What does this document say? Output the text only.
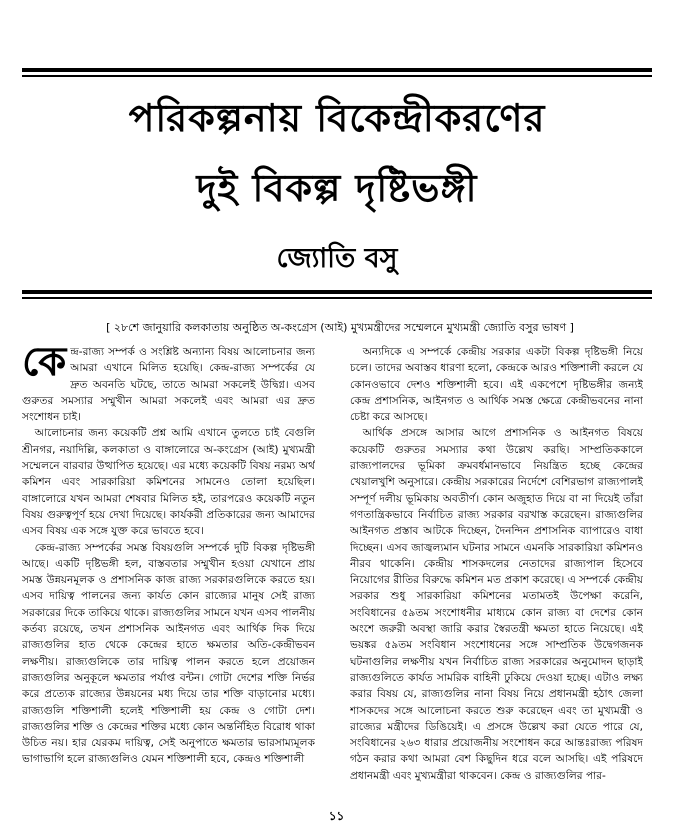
পরিকল্পনায় বিকেন্দ্রীকরণের
দুই বিকল্প দৃষ্টিভঙ্গী
জ্যোতি বসু
[ ২৮শে জানুয়ারি কলকাতায় অনুষ্ঠিত অ-কংগ্রেস (আই) মুখ্যমন্ত্রীদের সম্মেলনে মুখ্যমন্ত্রী জ্যোতি বসুর ভাষণ ]

কেন্দ্র-রাজ্য সম্পর্ক ও সংশ্লিষ্ট অন্যান্য বিষয় আলোচনার জন্য আমরা এখানে মিলিত হয়েছি। কেন্দ্র-রাজ্য সম্পর্কের যে দ্রুত অবনতি ঘটছে, তাতে আমরা সকলেই উদ্বিগ্ন। এসব গুরুতর সমস্যার সম্মুখীন আমরা সকলেই এবং আমরা এর দ্রুত সংশোধন চাই।

আলোচনার জন্য কয়েকটি প্রশ্ন আমি এখানে তুলতে চাই বেগুলি শ্রীনগর, নয়াদিল্লি, কলকাতা ও বাঙ্গালোরে অ-কংগ্রেস (আই) মুখ্যমন্ত্রী সম্মেলনে বারবার উত্থাপিত হয়েছে। এর মধ্যে কয়েকটি বিষয় নরম্য অর্থ কমিশন এবং সারকারিয়া কমিশনের সামনেও তোলা হয়েছিল। বাঙ্গালোরে যখন আমরা শেষবার মিলিত হই, তারপরেও কয়েকটি নতুন বিষয় গুরুত্বপূর্ণ হয়ে দেখা দিয়েছে। কার্যকরী প্রতিকারের জন্য আমাদের এসব বিষয় এক সঙ্গে যুক্ত করে ভাবতে হবে।

কেন্দ্র-রাজ্য সম্পর্কের সমস্ত বিষয়গুলি সম্পর্কে দুটি বিকল্প দৃষ্টিভঙ্গী আছে। একটি দৃষ্টিভঙ্গী হল, বাস্তবতার সম্মুখীন হওয়া যেখানে প্রায় সমস্ত উন্নয়নমূলক ও প্রশাসনিক কাজ রাজ্য সরকারগুলিকে করতে হয়। এসব দায়িত্ব পালনের জন্য কার্যত কোন রাজ্যের মানুষ সেই রাজ্য সরকারের দিকে তাকিয়ে থাকে। রাজ্যগুলির সামনে যখন এসব পালনীয় কর্তব্য রয়েছে, তখন প্রশাসনিক আইনগত এবং আর্থিক দিক দিয়ে রাজ্যগুলির হাত থেকে কেন্দ্রের হাতে ক্ষমতার অতি-কেন্দ্রীভবন লক্ষণীয়। রাজ্যগুলিকে তার দায়িত্ব পালন করতে হলে প্রয়োজন রাজ্যগুলির অনুকূলে ক্ষমতার পর্যাপ্ত বন্টন। গোটা দেশের শক্তি নির্ভর করে প্রত্যেক রাজ্যের উন্নয়নের মধ্য দিয়ে তার শক্তি বাড়ানোর মধ্যে। রাজ্যগুলি শক্তিশালী হলেই শক্তিশালী হয় কেন্দ্র ও গোটা দেশ। রাজ্যগুলির শক্তি ও কেন্দ্রের শক্তির মধ্যে কোন অন্তর্নিহিত বিরোধ থাকা উচিত নয়। হার যেরকম দায়িত্ব, সেই অনুপাতে ক্ষমতার ভারসাম্যমূলক ভাগাভাগি হলে রাজ্যগুলিও যেমন শক্তিশালী হবে, কেন্দ্রও শক্তিশালী

অন্যদিকে এ সম্পর্কে কেন্দ্রীয় সরকার একটা বিকল্প দৃষ্টিভঙ্গী নিয়ে চলে। তাদের অবাস্তব ধারণা হলো, কেন্দ্রকে আরও শক্তিশালী করলে যে কোনওভাবে দেশও শক্তিশালী হবে। এই একপেশে দৃষ্টিভঙ্গীর জন্যই কেন্দ্র প্রশাসনিক, আইনগত ও আর্থিক সমস্ত ক্ষেত্রে কেন্দ্রীভবনের নানা চেষ্টা করে আসছে।

আর্থিক প্রসঙ্গে আসার আগে প্রশাসনিক ও আইনগত বিষয়ে কয়েকটি গুরুতর সমস্যার কথা উল্লেখ করছি। সাম্প্রতিককালে রাজ্যপালদের ভূমিকা ক্রমবর্ধমানভাবে নিয়ন্ত্রিত হচ্ছে কেন্দ্রের খেয়ালখুশি অনুসারে। কেন্দ্রীয় সরকারের নির্দেশে বেশিরভাগ রাজ্যপালই সম্পূর্ণ দলীয় ভূমিকায় অবতীর্ণ। কোন অজুহাত দিয়ে বা না দিয়েই তাঁরা গণতান্ত্রিকভাবে নির্বাচিত রাজ্য সরকার বরখাস্ত করেছেন। রাজ্যগুলির আইনগত প্রস্তাব আটকে দিচ্ছেন, দৈনন্দিন প্রশাসনিক ব্যাপারেও বাধা দিচ্ছেন। এসব জাজ্বল্যমান ঘটনার সামনে এমনকি সারকারিয়া কমিশনও নীরব থাকেনি। কেন্দ্রীয় শাসকদলের নেতাদের রাজ্যপাল হিসেবে নিয়োগের রীতির বিরুদ্ধে কমিশন মত প্রকাশ করেছে। এ সম্পর্কে কেন্দ্রীয় সরকার শুধু সারকারিয়া কমিশনের মতামতই উপেক্ষা করেনি, সংবিধানের ৫৯তম সংশোধনীর মাধ্যমে কোন রাজ্য বা দেশের কোন অংশে জরুরী অবস্থা জারি করার স্বৈরতন্ত্রী ক্ষমতা হাতে নিয়েছে। এই ভয়ঙ্কর ৫৯তম সংবিধান সংশোধনের সঙ্গে সাম্প্রতিক উদ্বেগজনক ঘটনাগুলির লক্ষণীয় যখন নির্বাচিত রাজ্য সরকারের অনুমোদন ছাড়াই রাজ্যগুলিতে কার্যত সামরিক বাহিনী ঢুকিয়ে দেওয়া হচ্ছে। এটাও লক্ষ্য করার বিষয় যে, রাজ্যগুলির নানা বিষয় নিয়ে প্রধানমন্ত্রী হঠাৎ জেলা শাসকদের সঙ্গে আলোচনা করতে শুরু করেছেন এবং তা মুখ্যমন্ত্রী ও রাজ্যের মন্ত্রীদের ডিঙিয়েই। এ প্রসঙ্গে উল্লেখ করা যেতে পারে যে, সংবিধানের ২৬৩ ধারার প্রয়োজনীয় সংশোধন করে আন্তঃরাজ্য পরিষদ গঠন করার কথা আমরা বেশ কিছুদিন ধরে বলে আসছি। এই পরিষদে প্রধানমন্ত্রী এবং মুখ্যমন্ত্রীরা থাকবেন। কেন্দ্র ও রাজ্যগুলির পার-

১১
